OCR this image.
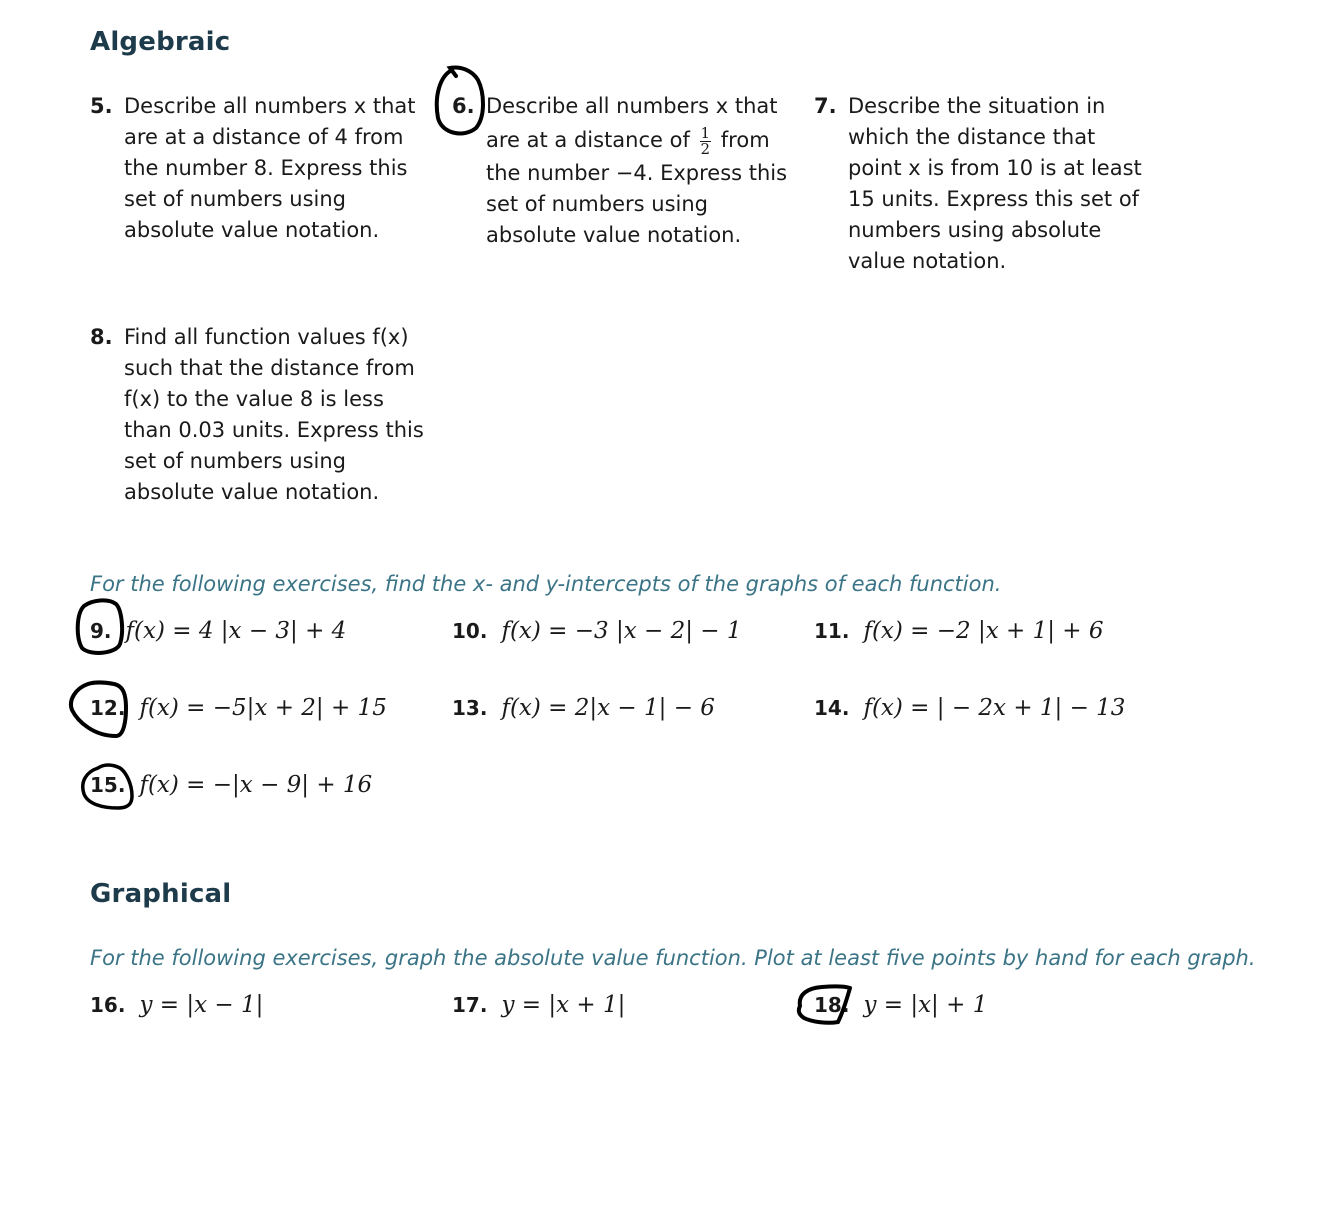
Algebraic
5. Describe all numbers x that
are at a distance of 4 from
the number 8. Express this
set of numbers using
absolute value notation.
6. Describe all numbers x that
are at a distance of $\frac{1}{2}$ from
the number −4. Express this
set of numbers using
absolute value notation.
7. Describe the situation in
which the distance that
point x is from 10 is at least
15 units. Express this set of
numbers using absolute
value notation.
8. Find all function values f(x)
such that the distance from
f(x) to the value 8 is less
than 0.03 units. Express this
set of numbers using
absolute value notation.
For the following exercises, find the x- and y-intercepts of the graphs of each function.
9. f(x) = 4 |x − 3| + 4	10. f(x) = −3 |x − 2| − 1	11. f(x) = −2 |x + 1| + 6
12. f(x) = −5|x + 2| + 15	13. f(x) = 2|x − 1| − 6	14. f(x) = | − 2x + 1| − 13
15. f(x) = −|x − 9| + 16
Graphical
For the following exercises, graph the absolute value function. Plot at least five points by hand for each graph.
16. y = |x − 1|	17. y = |x + 1|	18. y = |x| + 1
